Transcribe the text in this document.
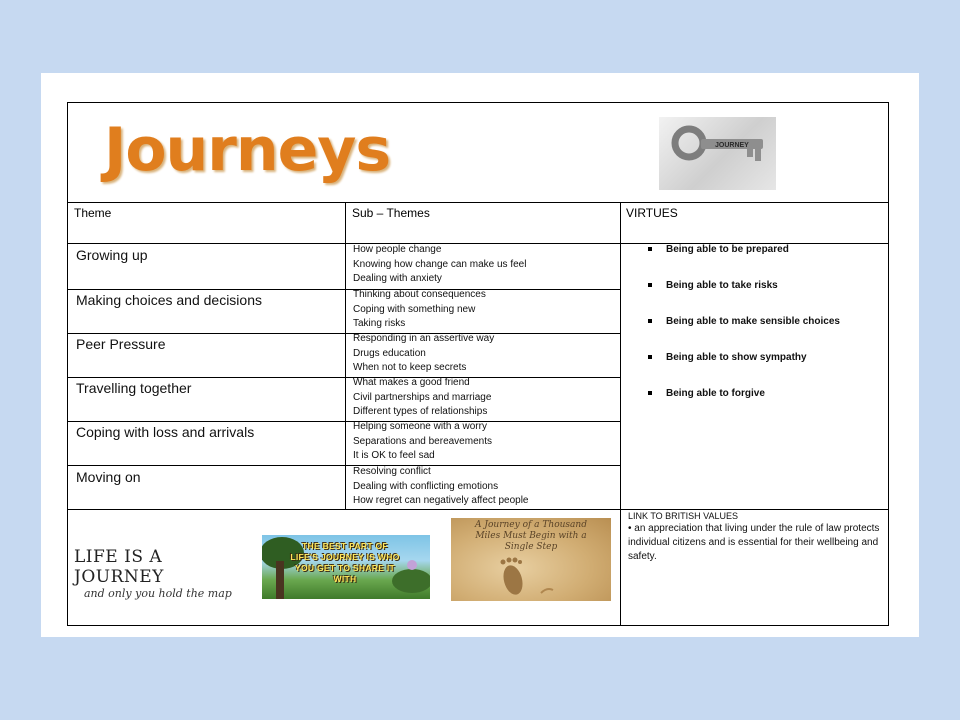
Journeys	JOURNEY
Theme	Sub – Themes	VIRTUES
Growing up	How people change
Knowing how change can make us feel
Dealing with anxiety
Making choices and decisions	Thinking about consequences
Coping with something new
Taking risks
Peer Pressure	Responding in an assertive way
Drugs education
When not to keep secrets
Travelling together	What makes a good friend
Civil partnerships and marriage
Different types of relationships
Coping with loss and arrivals	Helping someone with a worry
Separations and bereavements
It is OK to feel sad
Moving on	Resolving conflict
Dealing with conflicting emotions
How regret can negatively affect people
Being able to be prepared
Being able to take risks
Being able to make sensible choices
Being able to show sympathy
Being able to forgive
LIFE IS A JOURNEY
and only you hold the map
THE BEST PART OF LIFE'S JOURNEY IS WHO YOU GET TO SHARE IT WITH
A Journey of a Thousand Miles Must Begin with a Single Step
LINK TO BRITISH VALUES
• an appreciation that living under the rule of law protects individual citizens and is essential for their wellbeing and safety.
